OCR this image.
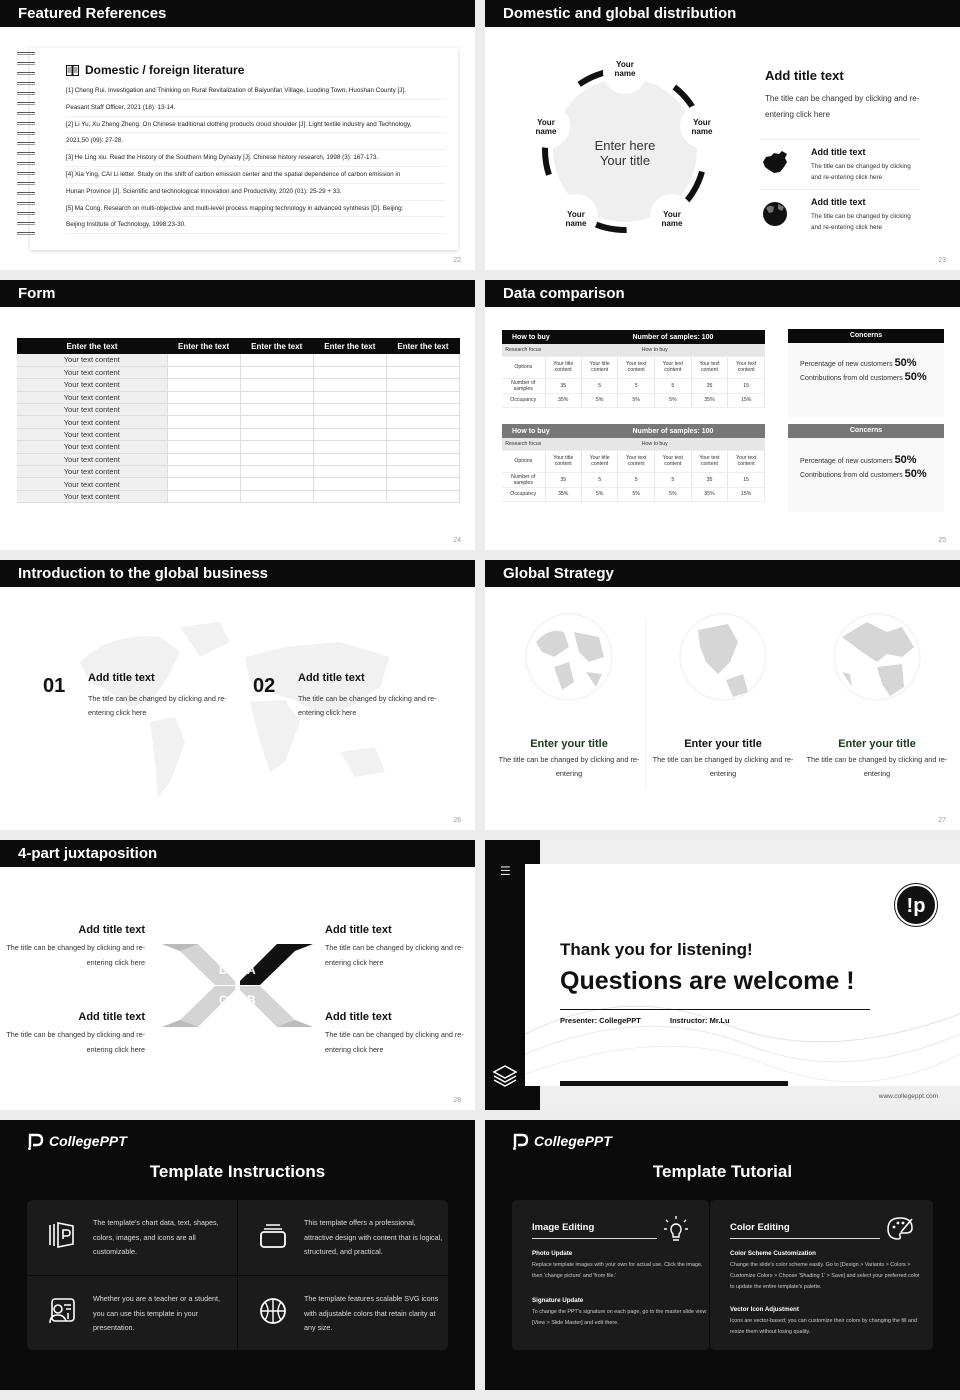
Featured References
Domestic / foreign literature
[1] Cheng Rui. Investigation and Thinking on Rural Revitalization of Baiyunfan Village, Luoding Town, Huoshan County [J].
Peasant Staff Officer, 2021 (18): 13-14.
[2] Li Yu, Xu Zheng Zheng. On Chinese traditional clothing products cloud shoulder [J]. Light textile industry and Technology,
2021,50 (09): 27-28.
[3] He Ling xiu. Read the History of the Southern Ming Dynasty [J]. Chinese history research, 1998 (3): 167-173.
[4] Xia Ying, CAI Li letter. Study on the shift of carbon emission center and the spatial dependence of carbon emission in
Hunan Province [J]. Scientific and technological Innovation and Productivity, 2020 (01): 25-29 + 33.
[5] Ma Cong. Research on multi-objective and multi-level process mapping technology in advanced synthesis [D]. Beijing:
Beijing Institute of Technology, 1998:23-30.
22
Domestic and global distribution
23
Enter here
Your title
Your name
Your name
Your name
Your name
Your name
Add title text
The title can be changed by clicking and re-entering click here
Add title text
The title can be changed by clicking and re-entering click here
Add title text
The title can be changed by clicking and re-entering click here
Form
24
Enter the text	Enter the text	Enter the text	Enter the text	Enter the text
Your text content				
Your text content				
Your text content				
Your text content				
Your text content				
Your text content				
Your text content				
Your text content				
Your text content				
Your text content				
Your text content				
Your text content				
Data comparison
25
How to buy		Number of samples: 100				
Research focus	How to buy					
Options	Your title content	Your title content	Your text content	Your text content	Your text content	Your text content
Number of samples	35	5	5	5	35	15
Occupancy	35%	5%	5%	5%	35%	15%
How to buy		Number of samples: 100				
Research focus	How to buy					
Options	Your title content	Your title content	Your text content	Your text content	Your text content	Your text content
Number of samples	35	5	5	5	35	15
Occupancy	35%	5%	5%	5%	35%	15%
Concerns
Percentage of new customers 50%
Contributions from old customers 50%
Concerns
Percentage of new customers 50%
Contributions from old customers 50%
Introduction to the global business
26
01 Add title text
The title can be changed by clicking and re-entering click here
02 Add title text
The title can be changed by clicking and re-entering click here
Global Strategy
27
Enter your title
The title can be changed by clicking and re-entering
Enter your title
The title can be changed by clicking and re-entering
Enter your title
The title can be changed by clicking and re-entering
4-part juxtaposition
28
D A
C B
Add title text
The title can be changed by clicking and re-entering click here
Add title text
The title can be changed by clicking and re-entering click here
Add title text
The title can be changed by clicking and re-entering click here
Add title text
The title can be changed by clicking and re-entering click here
☰
!p
Thank you for listening!
Questions are welcome !
Presenter: CollegePPT	Instructor: Mr.Lu
www.collegeppt.com
CollegePPT
Template Instructions
The template's chart data, text, shapes, colors, images, and icons are all customizable.
This template offers a professional, attractive design with content that is logical, structured, and practical.
Whether you are a teacher or a student, you can use this template in your presentation.
The template features scalable SVG icons with adjustable colors that retain clarity at any size.
CollegePPT
Template Tutorial
Image Editing
Photo Update
Replace template images with your own for actual use. Click the image, then 'change picture' and 'from file.'
Signature Update
To change the PPT's signature on each page, go to the master slide view [View > Slide Master] and edit there.
Color Editing
Color Scheme Customization
Change the slide's color scheme easily. Go to [Design > Variants > Colors > Customize Colors > Choose 'Shading 1' > Save] and select your preferred color to update the entire template's palette.
Vector Icon Adjustment
Icons are vector-based; you can customize their colors by changing the fill and resize them without losing quality.
